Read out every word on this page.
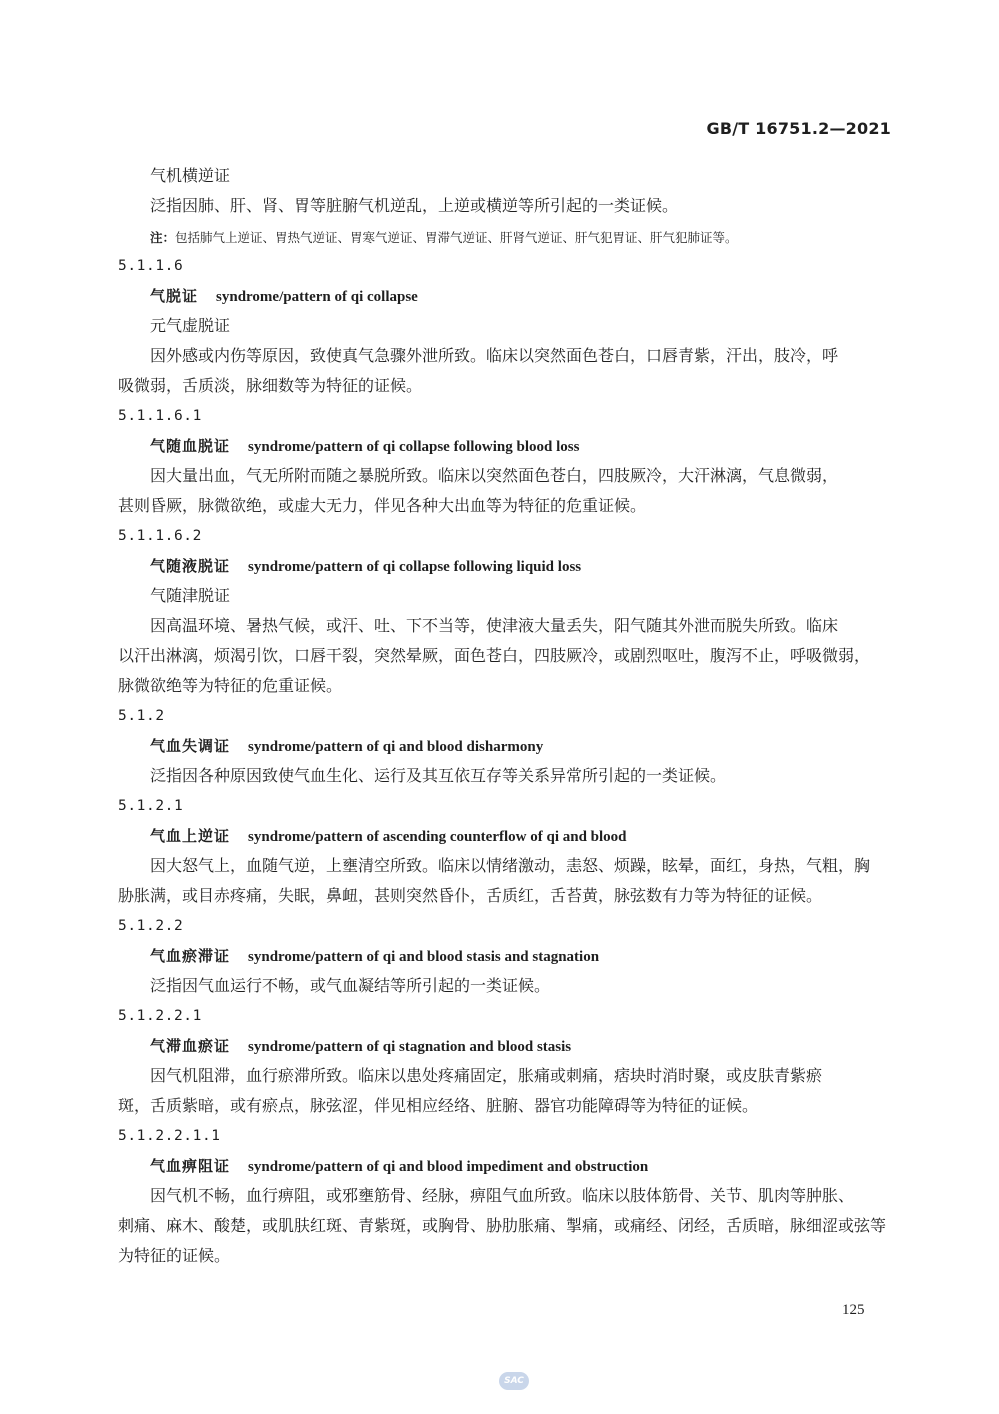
GB/T 16751.2—2021

气机横逆证

泛指因肺、肝、肾、胃等脏腑气机逆乱，上逆或横逆等所引起的一类证候。

注：包括肺气上逆证、胃热气逆证、胃寒气逆证、胃滞气逆证、肝肾气逆证、肝气犯胃证、肝气犯肺证等。

5.1.1.6

气脱证 syndrome/pattern of qi collapse

元气虚脱证

因外感或内伤等原因，致使真气急骤外泄所致。临床以突然面色苍白，口唇青紫，汗出，肢冷，呼

吸微弱，舌质淡，脉细数等为特征的证候。

5.1.1.6.1

气随血脱证 syndrome/pattern of qi collapse following blood loss

因大量出血，气无所附而随之暴脱所致。临床以突然面色苍白，四肢厥冷，大汗淋漓，气息微弱，

甚则昏厥，脉微欲绝，或虚大无力，伴见各种大出血等为特征的危重证候。

5.1.1.6.2

气随液脱证 syndrome/pattern of qi collapse following liquid loss

气随津脱证

因高温环境、暑热气候，或汗、吐、下不当等，使津液大量丢失，阳气随其外泄而脱失所致。临床

以汗出淋漓，烦渴引饮，口唇干裂，突然晕厥，面色苍白，四肢厥冷，或剧烈呕吐，腹泻不止，呼吸微弱，

脉微欲绝等为特征的危重证候。

5.1.2

气血失调证 syndrome/pattern of qi and blood disharmony

泛指因各种原因致使气血生化、运行及其互依互存等关系异常所引起的一类证候。

5.1.2.1

气血上逆证 syndrome/pattern of ascending counterflow of qi and blood

因大怒气上，血随气逆，上壅清空所致。临床以情绪激动，恚怒、烦躁，眩晕，面红，身热，气粗，胸

胁胀满，或目赤疼痛，失眠，鼻衄，甚则突然昏仆，舌质红，舌苔黄，脉弦数有力等为特征的证候。

5.1.2.2

气血瘀滞证 syndrome/pattern of qi and blood stasis and stagnation

泛指因气血运行不畅，或气血凝结等所引起的一类证候。

5.1.2.2.1

气滞血瘀证 syndrome/pattern of qi stagnation and blood stasis

因气机阻滞，血行瘀滞所致。临床以患处疼痛固定，胀痛或刺痛，痞块时消时聚，或皮肤青紫瘀

斑，舌质紫暗，或有瘀点，脉弦涩，伴见相应经络、脏腑、器官功能障碍等为特征的证候。

5.1.2.2.1.1

气血痹阻证 syndrome/pattern of qi and blood impediment and obstruction

因气机不畅，血行痹阻，或邪壅筋骨、经脉，痹阻气血所致。临床以肢体筋骨、关节、肌肉等肿胀、

刺痛、麻木、酸楚，或肌肤红斑、青紫斑，或胸骨、胁肋胀痛、掣痛，或痛经、闭经，舌质暗，脉细涩或弦等

为特征的证候。

125
SAC
